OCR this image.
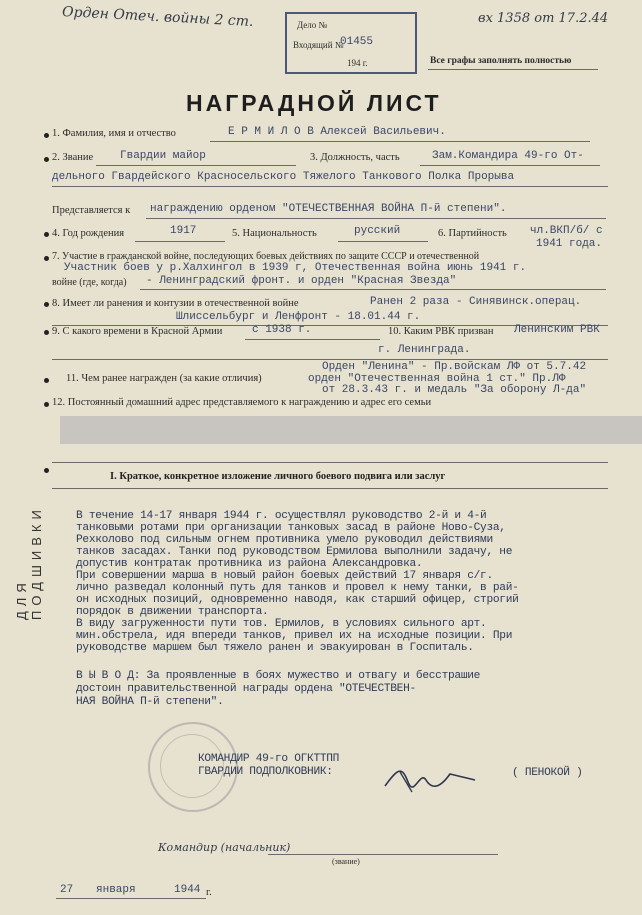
ДЛЯ ПОДШИВКИ
Орден Отеч. войны 2 ст.	вх 1358 от 17.2.44
Дело №
Входящий №
194 г.
01455
Все графы заполнять полностью
НАГРАДНОЙ ЛИСТ
1. Фамилия, имя и отчество	Е Р М И Л О В Алексей Васильевич.
2. Звание Гвардии майор	3. Должность, часть	Зам.Командира 49-го От-
дельного Гвардейского Красносельского Тяжелого Танкового Полка Прорыва
Представляется к награждению орденом "ОТЕЧЕСТВЕННАЯ ВОЙНА П-й степени".
4. Год рождения	1917	5. Национальность	русский	6. Партийность чл.ВКП/б/ с
1941 года.
7. Участие в гражданской войне, последующих боевых действиях по защите СССР и отечественной
Участник боев у р.Халхингол в 1939 г, Отечественная война июнь 1941 г.
войне (где, когда) - Ленинградский фронт. и орден "Красная Звезда"
8. Имеет ли ранения и контузии в отечественной войне	Ранен 2 раза - Синявинск.операц.
Шлиссельбург и Ленфронт - 18.01.44 г.
9. С какого времени в Красной Армии	с 1938 г.	10. Каким РВК призван Ленинским РВК
г. Ленинграда.
11. Чем ранее награжден (за какие отличия)
Орден "Ленина" - Пр.войскам ЛФ от 5.7.42
орден "Отечественная война 1 ст." Пр.ЛФ
от 28.3.43 г. и медаль "За оборону Л-да"
12. Постоянный домашний адрес представляемого к награждению и адрес его семьи
I. Краткое, конкретное изложение личного боевого подвига или заслуг
В течение 14-17 января 1944 г. осуществлял руководство 2-й и 4-й
танковыми ротами при организации танковых засад в районе Ново-Суза,
Рехколово под сильным огнем противника умело руководил действиями
танков засадах. Танки под руководством Ермилова выполнили задачу, не
допустив контратак противника из района Александровка.
При совершении марша в новый район боевых действий 17 января с/г.
лично разведал колонный путь для танков и провел к нему танки, в рай-
он исходных позиций, одновременно наводя, как старший офицер, строгий
порядок в движении транспорта.
В виду загруженности пути тов. Ермилов, в условиях сильного арт.
мин.обстрела, идя впереди танков, привел их на исходные позиции. При
руководстве маршем был тяжело ранен и эвакуирован в Госпиталь.
В Ы В О Д: За проявленные в боях мужество и отвагу и бесстрашие
достоин правительственной награды ордена "ОТЕЧЕСТВЕН-
НАЯ ВОЙНА П-й степени".
КОМАНДИР 49-го ОГКТТПП
ГВАРДИИ ПОДПОЛКОВНИК:	( ПЕНОКОЙ )
Командир (начальник)
(звание)
27 января	1944 г.
